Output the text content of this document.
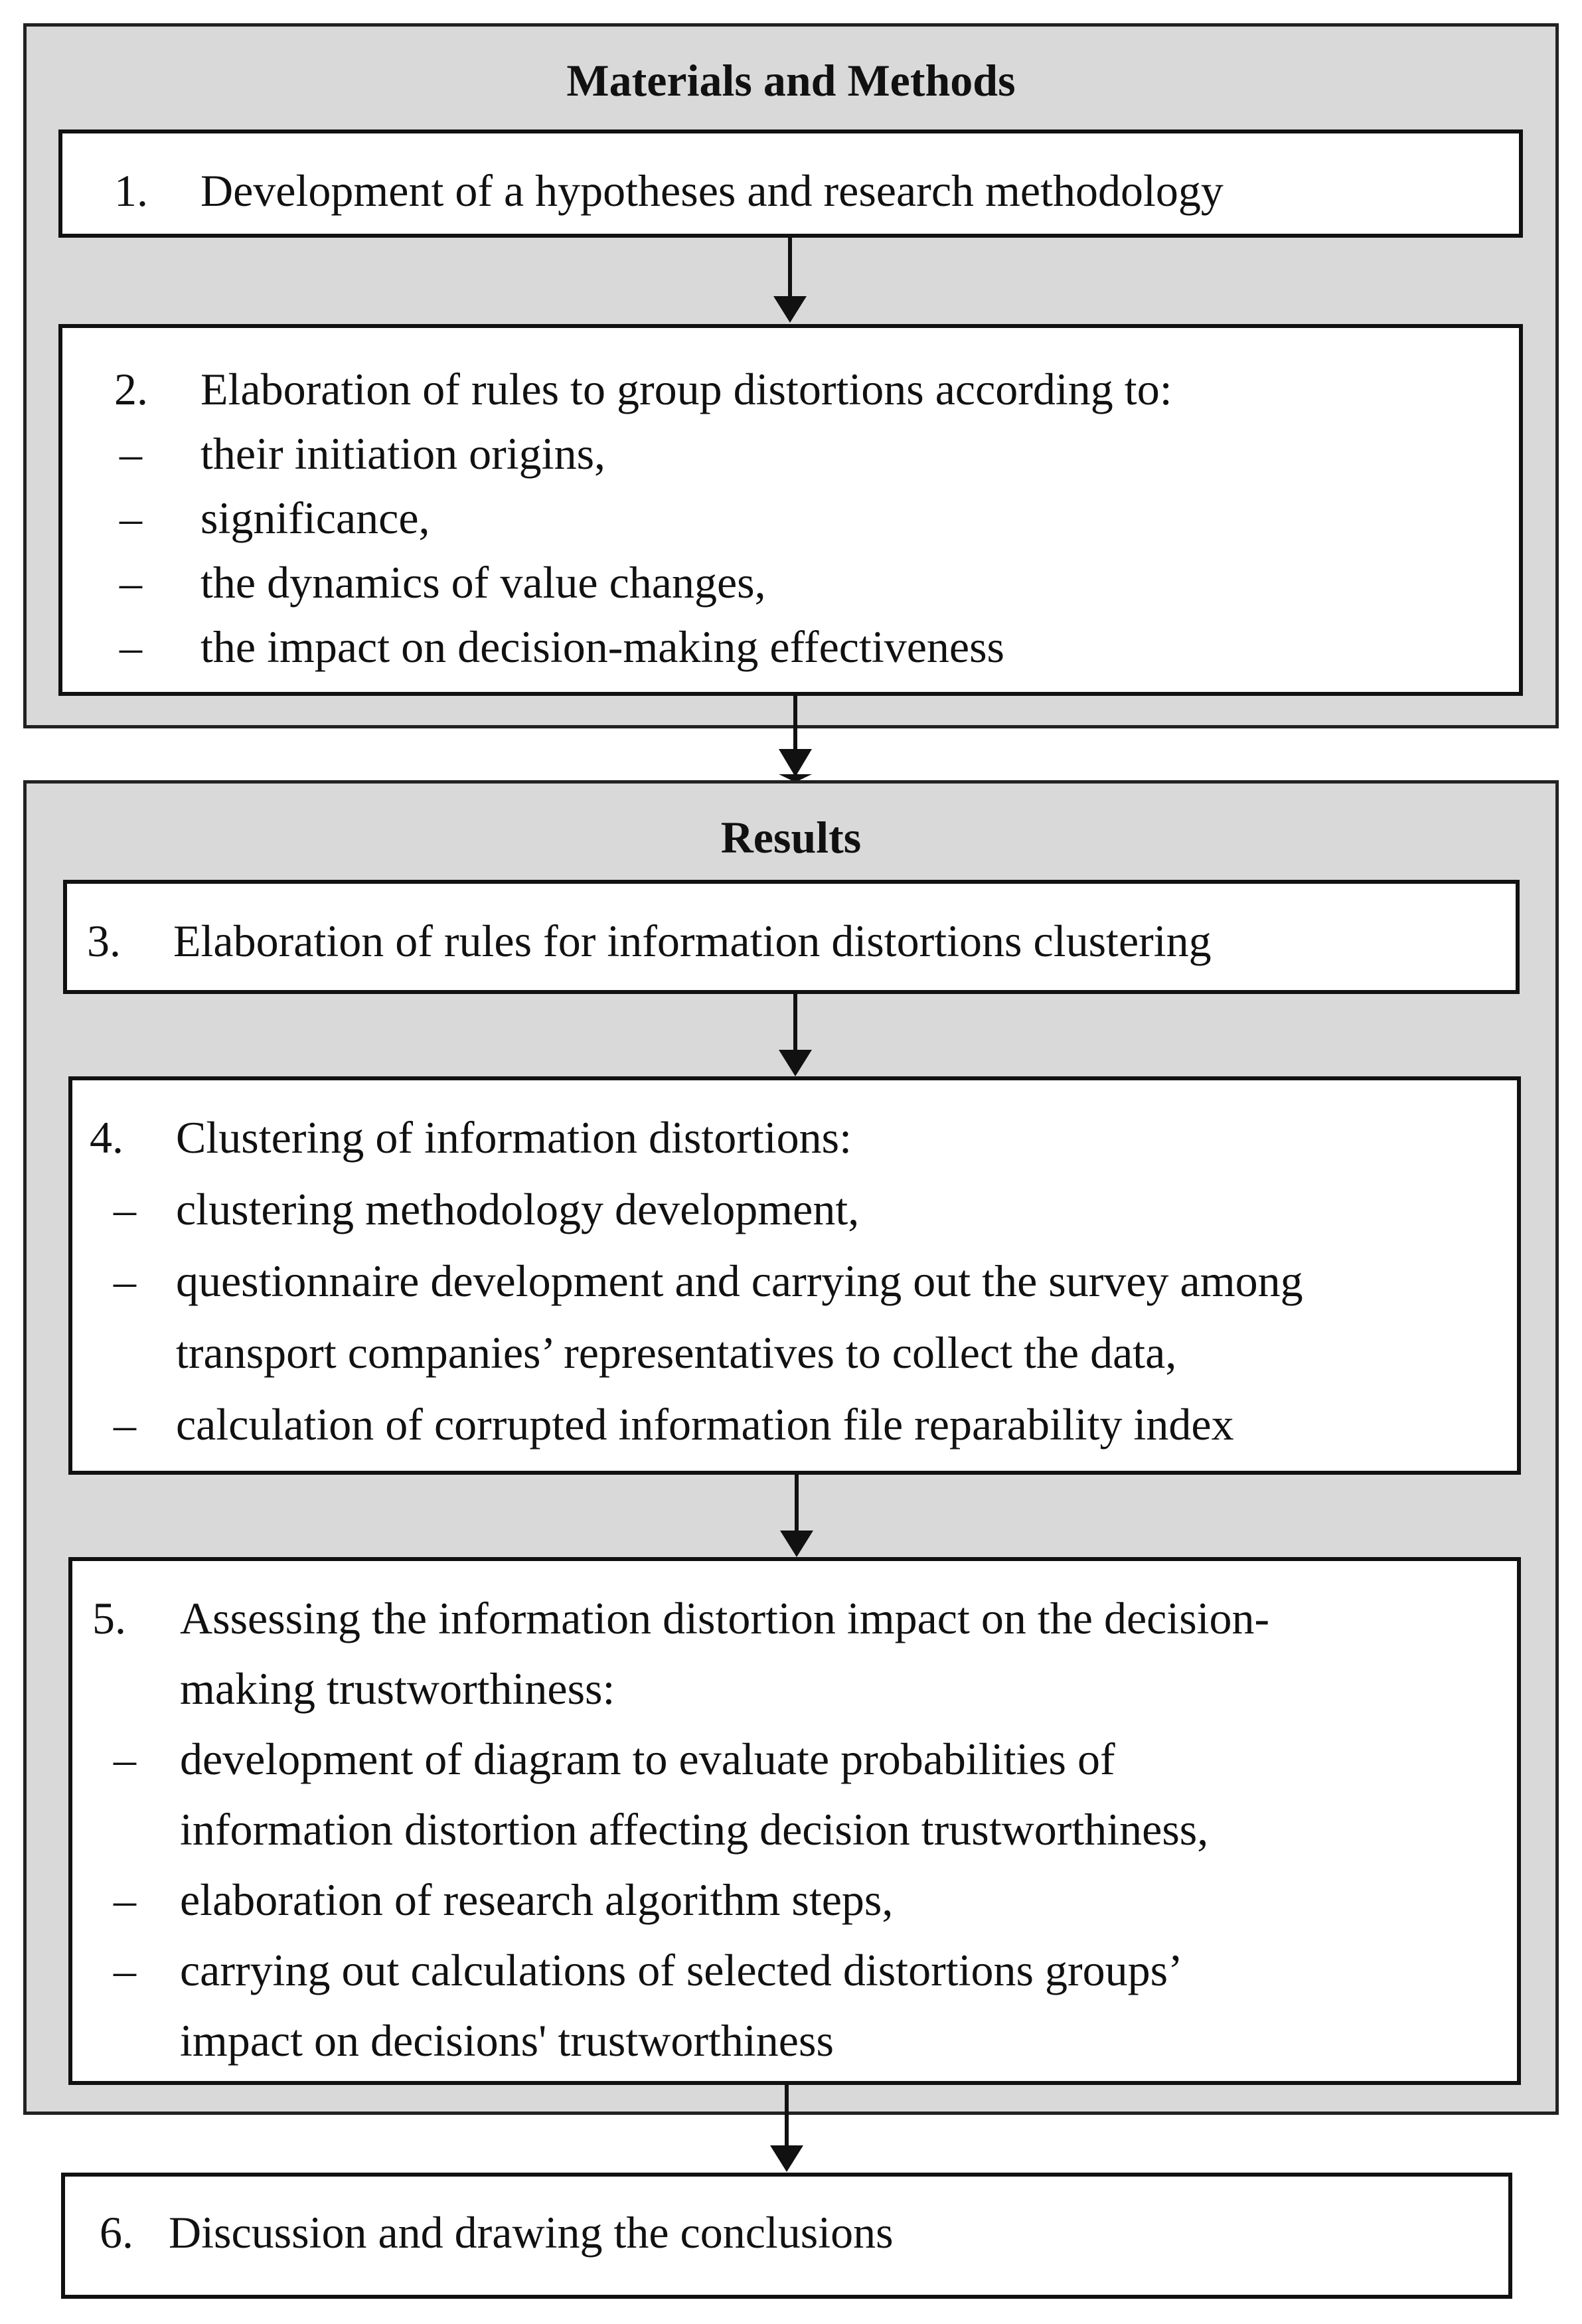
Materials and Methods
1. Development of a hypotheses and research methodology
2. Elaboration of rules to group distortions according to:
– their initiation origins,
– significance,
– the dynamics of value changes,
– the impact on decision-making effectiveness
Results
3. Elaboration of rules for information distortions clustering
4. Clustering of information distortions:
– clustering methodology development,
– questionnaire development and carrying out the survey among
transport companies’ representatives to collect the data,
– calculation of corrupted information file reparability index
5. Assessing the information distortion impact on the decision-
making trustworthiness:
– development of diagram to evaluate probabilities of
information distortion affecting decision trustworthiness,
– elaboration of research algorithm steps,
– carrying out calculations of selected distortions groups’
impact on decisions' trustworthiness
6. Discussion and drawing the conclusions
